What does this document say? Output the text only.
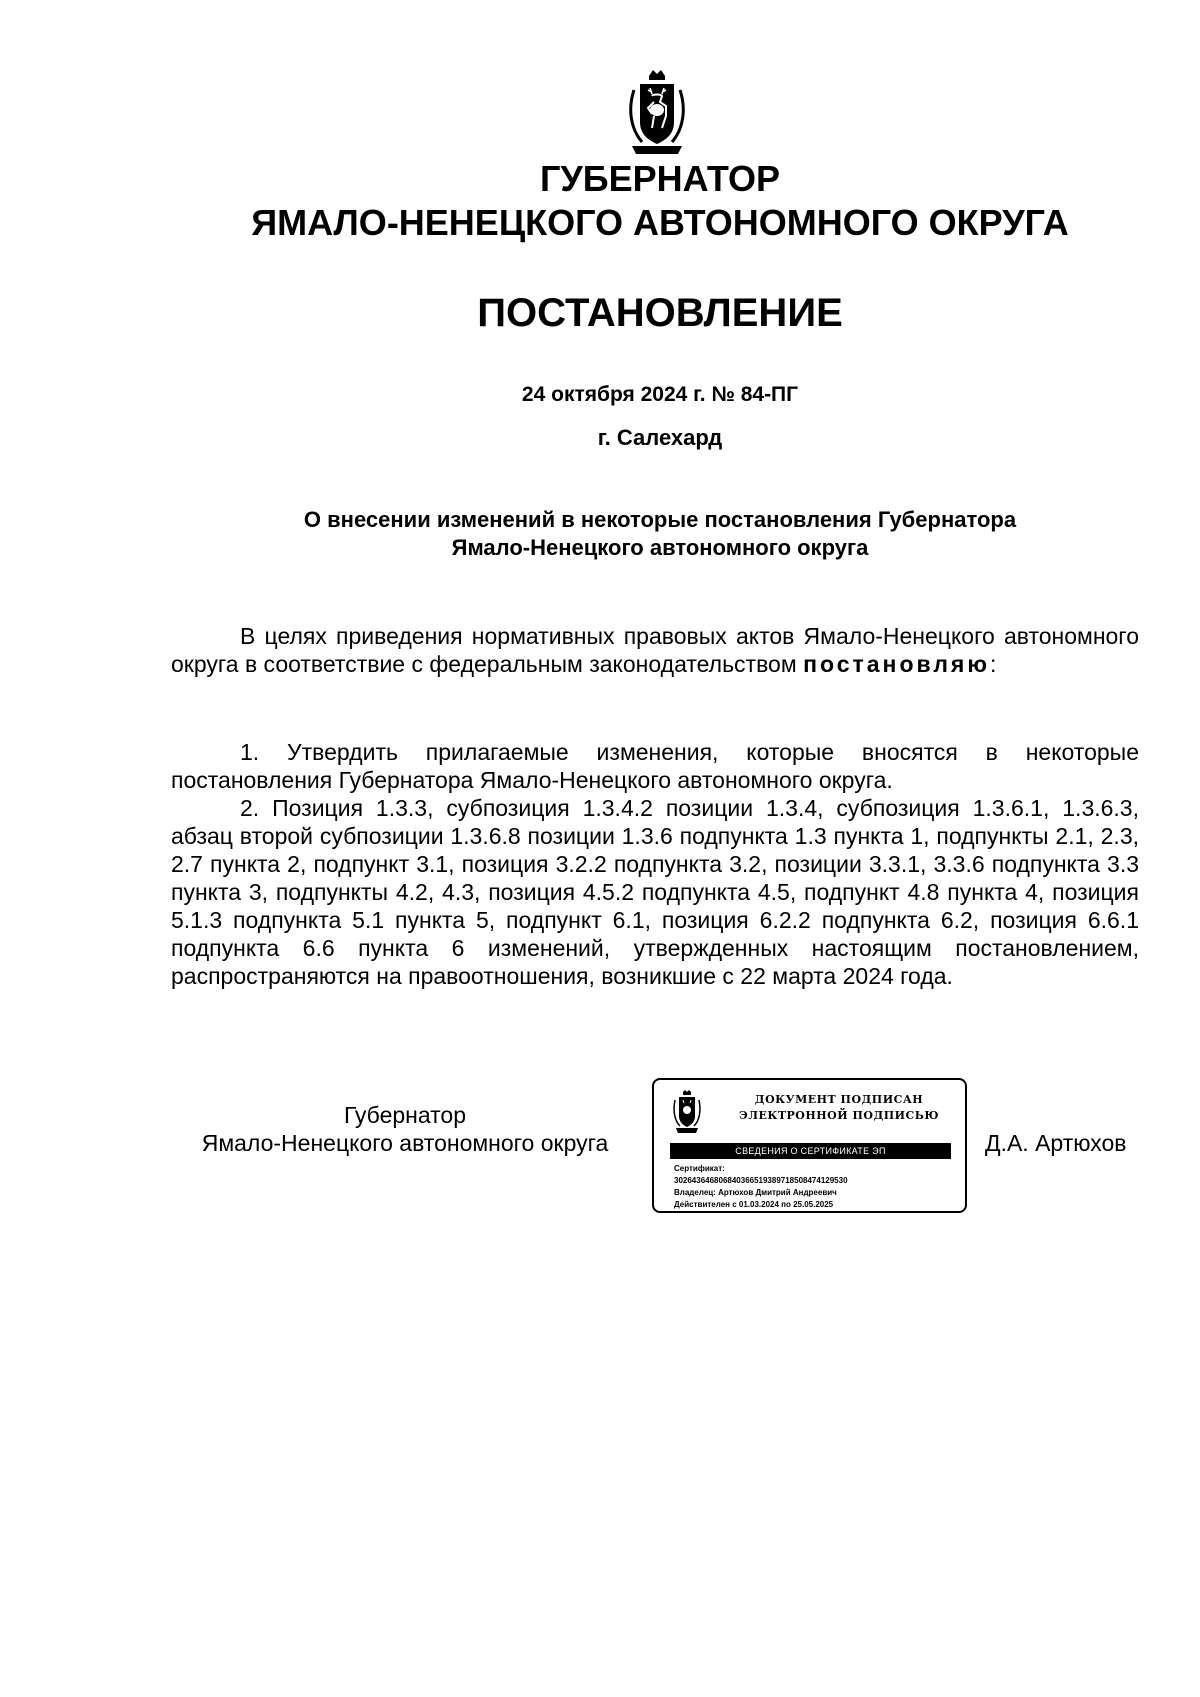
ГУБЕРНАТОР
ЯМАЛО-НЕНЕЦКОГО АВТОНОМНОГО ОКРУГА
ПОСТАНОВЛЕНИЕ
24 октября 2024 г. № 84-ПГ
г. Салехард
О внесении изменений в некоторые постановления Губернатора
Ямало-Ненецкого автономного округа

В целях приведения нормативных правовых актов Ямало-Ненецкого автономного округа в соответствие с федеральным законодательством постановляю:

1. Утвердить прилагаемые изменения, которые вносятся в некоторые постановления Губернатора Ямало-Ненецкого автономного округа.

2. Позиция 1.3.3, субпозиция 1.3.4.2 позиции 1.3.4, субпозиция 1.3.6.1, 1.3.6.3, абзац второй субпозиции 1.3.6.8 позиции 1.3.6 подпункта 1.3 пункта 1, подпункты 2.1, 2.3, 2.7 пункта 2, подпункт 3.1, позиция 3.2.2 подпункта 3.2, позиции 3.3.1, 3.3.6 подпункта 3.3 пункта 3, подпункты 4.2, 4.3, позиция 4.5.2 подпункта 4.5, подпункт 4.8 пункта 4, позиция 5.1.3 подпункта 5.1 пункта 5, подпункт 6.1, позиция 6.2.2 подпункта 6.2, позиция 6.6.1 подпункта 6.6 пункта 6 изменений, утвержденных настоящим постановлением, распространяются на правоотношения, возникшие с 22 марта 2024 года.

Губернатор
Ямало-Ненецкого автономного округа
ДОКУМЕНТ ПОДПИСАН
ЭЛЕКТРОННОЙ ПОДПИСЬЮ
СВЕДЕНИЯ О СЕРТИФИКАТЕ ЭП
Сертификат:
30264364680684036651938971850847412953​0
Владелец: Артюхов Дмитрий Андреевич
Действителен с 01.03.2024 по 25.05.2025
Д.А. Артюхов
